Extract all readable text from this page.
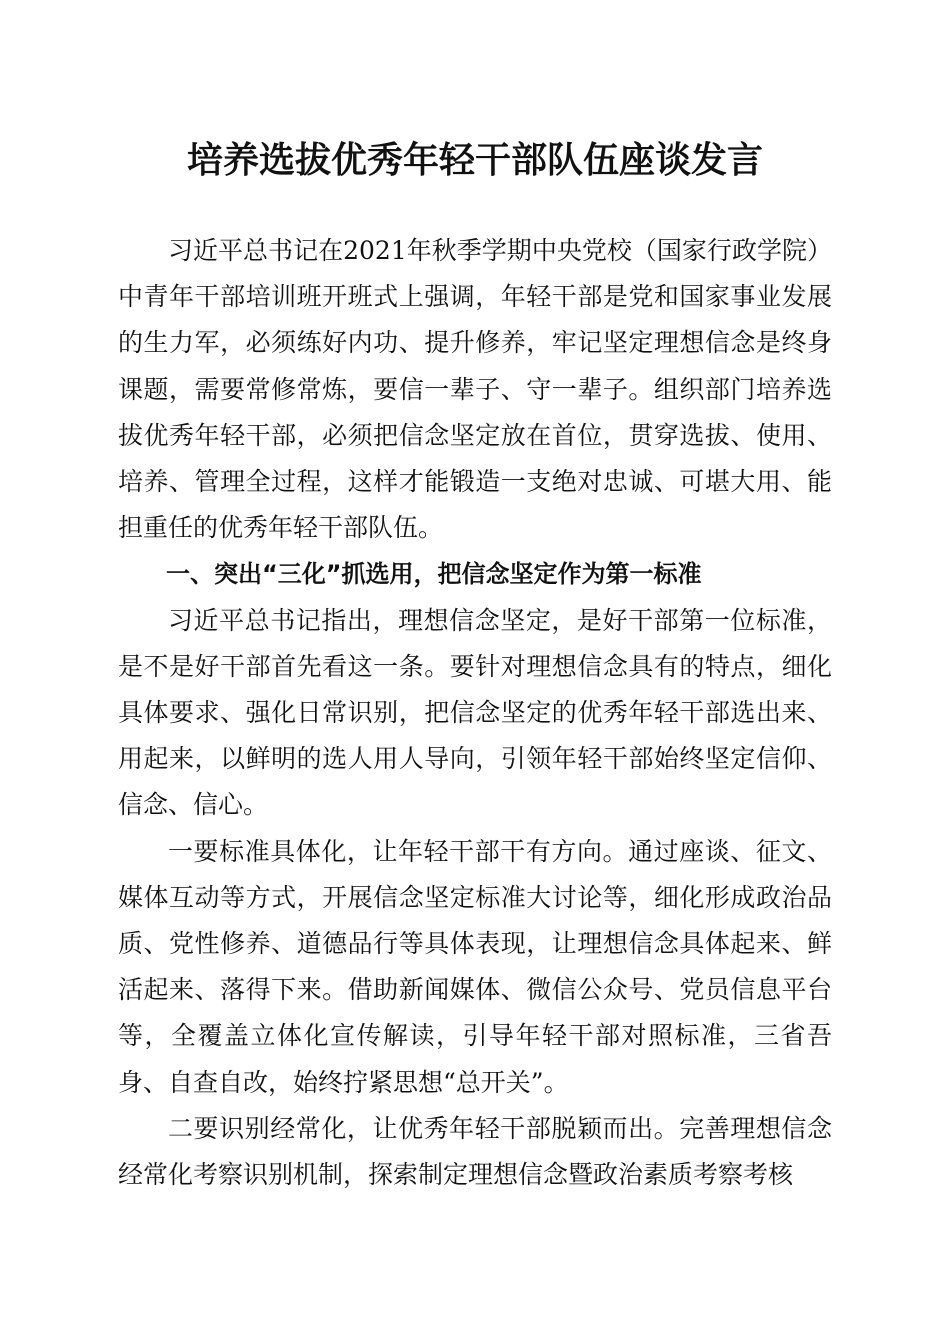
培养选拔优秀年轻干部队伍座谈发言

习近平总书记在2021年秋季学期中央党校（国家行政学院）中青年干部培训班开班式上强调，年轻干部是党和国家事业发展的生力军，必须练好内功、提升修养，牢记坚定理想信念是终身课题，需要常修常炼，要信一辈子、守一辈子。组织部门培养选拔优秀年轻干部，必须把信念坚定放在首位，贯穿选拔、使用、培养、管理全过程，这样才能锻造一支绝对忠诚、可堪大用、能担重任的优秀年轻干部队伍。

一、突出“三化”抓选用，把信念坚定作为第一标准

习近平总书记指出，理想信念坚定，是好干部第一位标准，是不是好干部首先看这一条。要针对理想信念具有的特点，细化具体要求、强化日常识别，把信念坚定的优秀年轻干部选出来、用起来，以鲜明的选人用人导向，引领年轻干部始终坚定信仰、信念、信心。

一要标准具体化，让年轻干部干有方向。通过座谈、征文、媒体互动等方式，开展信念坚定标准大讨论等，细化形成政治品质、党性修养、道德品行等具体表现，让理想信念具体起来、鲜活起来、落得下来。借助新闻媒体、微信公众号、党员信息平台等，全覆盖立体化宣传解读，引导年轻干部对照标准，三省吾身、自查自改，始终拧紧思想“总开关”。

二要识别经常化，让优秀年轻干部脱颖而出。完善理想信念经常化考察识别机制，探索制定理想信念暨政治素质考察考核
